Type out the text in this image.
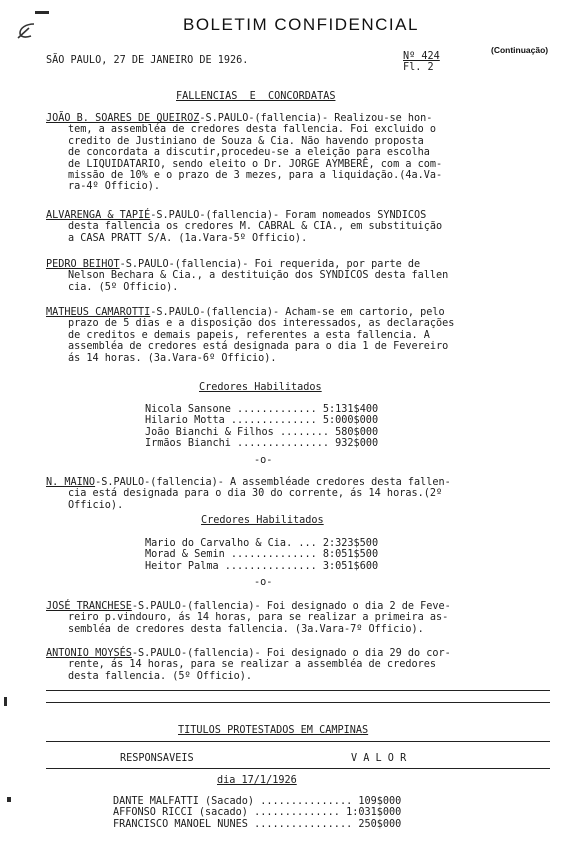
BOLETIM CONFIDENCIAL
(Continuação)
SÃO PAULO, 27 DE JANEIRO DE 1926.	Nº 424
Fl. 2
FALLENCIAS  E  CONCORDATAS
JOÃO B. SOARES DE QUEIROZ-S.PAULO-(fallencia)- Realizou-se hon-
tem, a assembléa de credores desta fallencia. Foi excluido o
credito de Justiniano de Souza & Cia. Não havendo proposta
de concordata a discutir,procedeu-se a eleição para escolha
de LIQUIDATARIO, sendo eleito o Dr. JORGE AYMBERÊ, com a com-
missão de 10% e o prazo de 3 mezes, para a liquidação.(4a.Va-
ra-4º Officio).
ALVARENGA & TAPIÉ-S.PAULO-(fallencia)- Foram nomeados SYNDICOS
desta fallencia os credores M. CABRAL & CIA., em substituição
a CASA PRATT S/A. (1a.Vara-5º Officio).
PEDRO BEIHOT-S.PAULO-(fallencia)- Foi requerida, por parte de
Nelson Bechara & Cia., a destituição dos SYNDICOS desta fallen
cia. (5º Officio).
MATHEUS CAMAROTTI-S.PAULO-(fallencia)- Acham-se em cartorio, pelo
prazo de 5 dias e a disposição dos interessados, as declarações
de creditos e demais papeis, referentes a esta fallencia. A
assembléa de credores está designada para o dia 1 de Fevereiro
ás 14 horas. (3a.Vara-6º Officio).
Credores Habilitados
Nicola Sansone ............. 5:131$400
Hilario Motta .............. 5:000$000
João Bianchi & Filhos ........ 580$000
Irmãos Bianchi ............... 932$000
-o-
N. MAINO-S.PAULO-(fallencia)- A assembléade credores desta fallen-
cia está designada para o dia 30 do corrente, ás 14 horas.(2º
Officio).
Credores Habilitados
Mario do Carvalho & Cia. ... 2:323$500
Morad & Semin .............. 8:051$500
Heitor Palma ............... 3:051$600
-o-
JOSÉ TRANCHESE-S.PAULO-(fallencia)- Foi designado o dia 2 de Feve-
reiro p.vindouro, ás 14 horas, para se realizar a primeira as-
sembléa de credores desta fallencia. (3a.Vara-7º Officio).
ANTONIO MOYSÉS-S.PAULO-(fallencia)- Foi designado o dia 29 do cor-
rente, ás 14 horas, para se realizar a assembléa de credores
desta fallencia. (5º Officio).
TITULOS PROTESTADOS EM CAMPINAS
RESPONSAVEIS	V A L O R
dia 17/1/1926
DANTE MALFATTI (Sacado) ............... 109$000
AFFONSO RICCI (sacado) .............. 1:031$000
FRANCISCO MANOEL NUNES ................ 250$000
